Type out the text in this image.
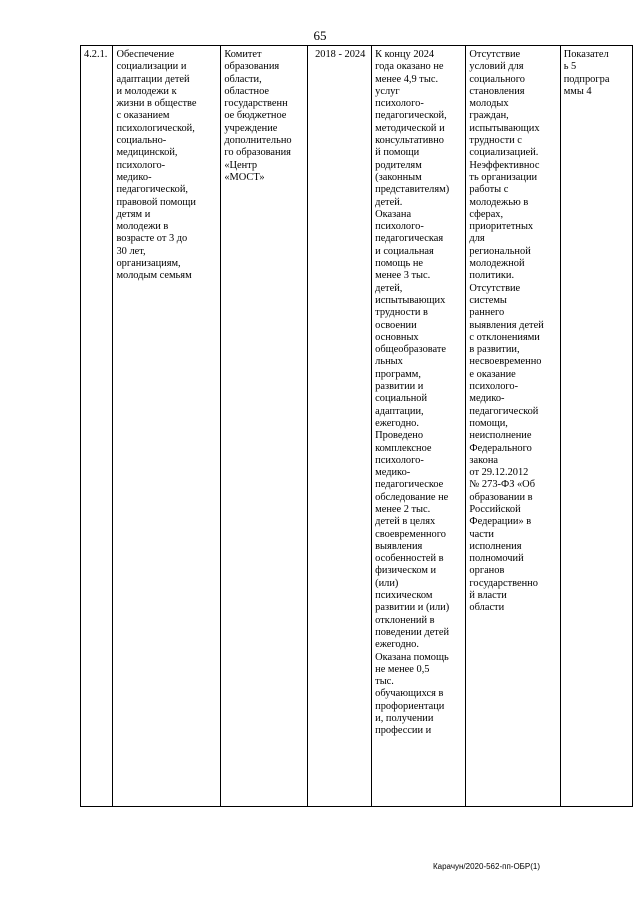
65
4.2.1.	Обеспечение
социализации и
адаптации детей
и молодежи к
жизни в обществе
с оказанием
психологической,
социально-
медицинской,
психолого-
медико-
педагогической,
правовой помощи
детям и
молодежи в
возрасте от 3 до
30 лет,
организациям,
молодым семьям	Комитет
образования
области,
областное
государственн
ое бюджетное
учреждение
дополнительно
го образования
«Центр
«МОСТ»	2018 - 2024	К концу 2024
года оказано не
менее 4,9 тыс.
услуг
психолого-
педагогической,
методической и
консультативно
й помощи
родителям
(законным
представителям)
детей.
Оказана
психолого-
педагогическая
и социальная
помощь не
менее 3 тыс.
детей,
испытывающих
трудности в
освоении
основных
общеобразовате
льных
программ,
развитии и
социальной
адаптации,
ежегодно.
Проведено
комплексное
психолого-
медико-
педагогическое
обследование не
менее 2 тыс.
детей в целях
своевременного
выявления
особенностей в
физическом и
(или)
психическом
развитии и (или)
отклонений в
поведении детей
ежегодно.
Оказана помощь
не менее 0,5
тыс.
обучающихся в
профориентаци
и, получении
профессии и	Отсутствие
условий для
социального
становления
молодых
граждан,
испытывающих
трудности с
социализацией.
Неэффективнос
ть организации
работы с
молодежью в
сферах,
приоритетных
для
региональной
молодежной
политики.
Отсутствие
системы
раннего
выявления детей
с отклонениями
в развитии,
несвоевременно
е оказание
психолого-
медико-
педагогической
помощи,
неисполнение
Федерального
закона
от 29.12.2012
№ 273-ФЗ «Об
образовании в
Российской
Федерации» в
части
исполнения
полномочий
органов
государственно
й власти
области	Показател
ь 5
подпрогра
ммы 4
Карачун/2020-562-пп-ОБР(1)
